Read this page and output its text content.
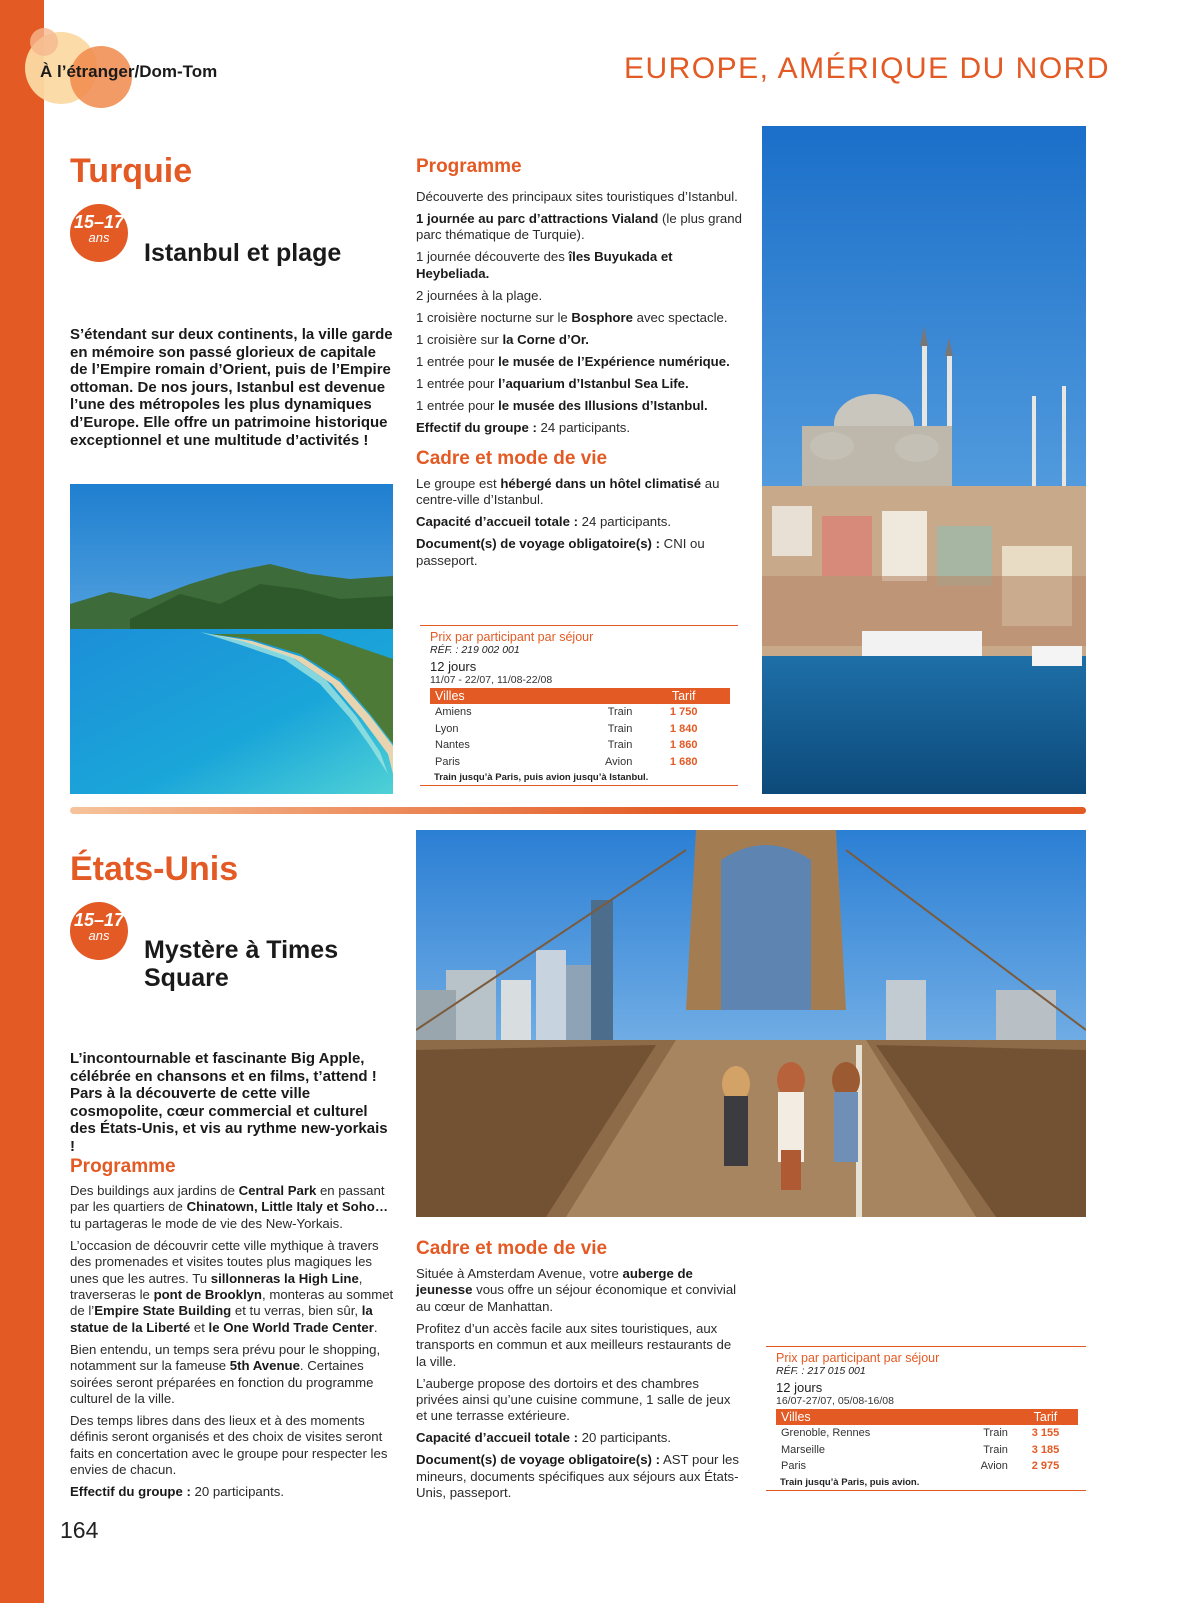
À l’étranger/Dom-Tom	EUROPE, AMÉRIQUE DU NORD
Turquie
15–17
ans
Istanbul et plage
S’étendant sur deux continents, la ville garde en mémoire son passé glorieux de capitale de l’Empire romain d’Orient, puis de l’Empire ottoman. De nos jours, Istanbul est devenue l’une des métropoles les plus dynamiques d’Europe. Elle offre un patrimoine historique exceptionnel et une multitude d’activités !
Programme

Découverte des principaux sites touristiques d’Istanbul.

1 journée au parc d’attractions Vialand (le plus grand parc thématique de Turquie).

1 journée découverte des îles Buyukada et Heybeliada.

2 journées à la plage.

1 croisière nocturne sur le Bosphore avec spectacle.

1 croisière sur la Corne d’Or.

1 entrée pour le musée de l’Expérience numérique.

1 entrée pour l’aquarium d’Istanbul Sea Life.

1 entrée pour le musée des Illusions d’Istanbul.

Effectif du groupe : 24 participants.

Cadre et mode de vie

Le groupe est hébergé dans un hôtel climatisé au centre-ville d’Istanbul.

Capacité d’accueil totale : 24 participants.

Document(s) de voyage obligatoire(s) : CNI ou passeport.

Prix par participant par séjour
RÉF. : 219 002 001
12 jours
11/07 - 22/07, 11/08-22/08
Villes		Tarif
Amiens	Train	1 750
Lyon	Train	1 840
Nantes	Train	1 860
Paris	Avion	1 680
Train jusqu’à Paris, puis avion jusqu’à Istanbul.
États-Unis
15–17
ans
Mystère à Times Square
L’incontournable et fascinante Big Apple, célébrée en chansons et en films, t’attend ! Pars à la découverte de cette ville cosmopolite, cœur commercial et culturel des États-Unis, et vis au rythme new-yorkais !
Programme

Des buildings aux jardins de Central Park en passant par les quartiers de Chinatown, Little Italy et Soho… tu partageras le mode de vie des New-Yorkais.

L’occasion de découvrir cette ville mythique à travers des promenades et visites toutes plus magiques les unes que les autres. Tu sillonneras la High Line, traverseras le pont de Brooklyn, monteras au sommet de l’Empire State Building et tu verras, bien sûr, la statue de la Liberté et le One World Trade Center.

Bien entendu, un temps sera prévu pour le shopping, notamment sur la fameuse 5th Avenue. Certaines soirées seront préparées en fonction du programme culturel de la ville.

Des temps libres dans des lieux et à des moments définis seront organisés et des choix de visites seront faits en concertation avec le groupe pour respecter les envies de chacun.

Effectif du groupe : 20 participants.

Cadre et mode de vie

Située à Amsterdam Avenue, votre auberge de jeunesse vous offre un séjour économique et convivial au cœur de Manhattan.

Profitez d’un accès facile aux sites touristiques, aux transports en commun et aux meilleurs restaurants de la ville.

L’auberge propose des dortoirs et des chambres privées ainsi qu’une cuisine commune, 1 salle de jeux et une terrasse extérieure.

Capacité d’accueil totale : 20 participants.

Document(s) de voyage obligatoire(s) : AST pour les mineurs, documents spécifiques aux séjours aux États-Unis, passeport.

Prix par participant par séjour
RÉF. : 217 015 001
12 jours
16/07-27/07, 05/08-16/08
Villes		Tarif
Grenoble, Rennes	Train	3 155
Marseille	Train	3 185
Paris	Avion	2 975
Train jusqu’à Paris, puis avion.
164
